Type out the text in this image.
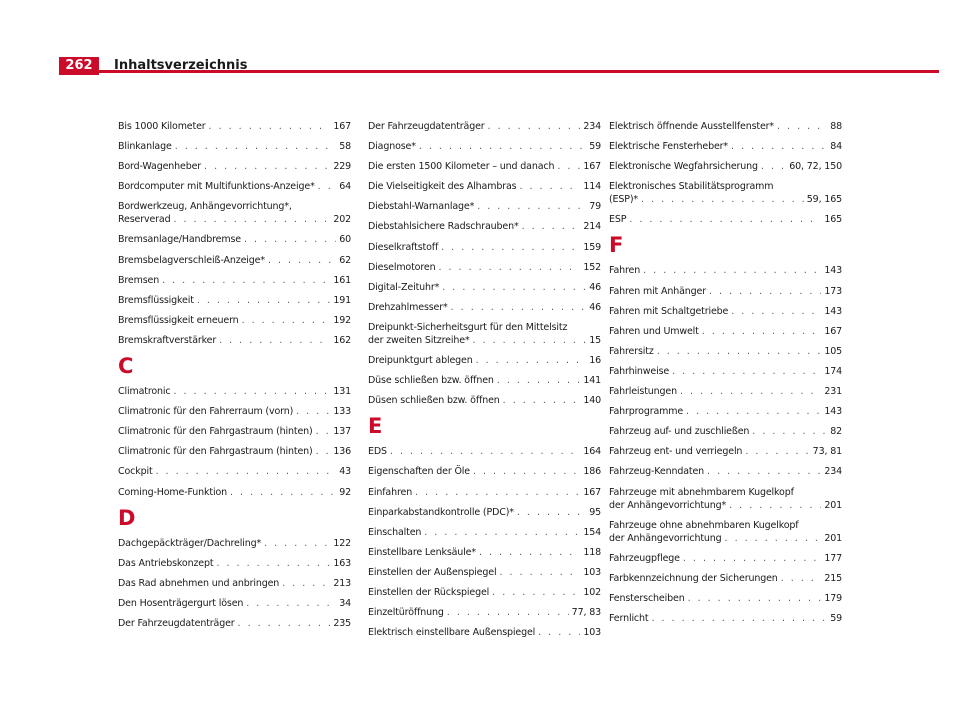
262	Inhaltsverzeichnis
Bis 1000 Kilometer . . .	167
Blinkanlage . . .	58
Bord-Wagenheber . . .	229
Bordcomputer mit Multifunktions-Anzeige* . . .	64
Bordwerkzeug, Anhängevorrichtung*,
Reserverad . . .	202
Bremsanlage/Handbremse . . .	60
Bremsbelagverschleiß-Anzeige* . . .	62
Bremsen . . .	161
Bremsflüssigkeit . . .	191
Bremsflüssigkeit erneuern . . .	192
Bremskraftverstärker . . .	162
C
Climatronic . . .	131
Climatronic für den Fahrerraum (vorn) . . .	133
Climatronic für den Fahrgastraum (hinten) . . . 137
Climatronic für den Fahrgastraum (hinten) . . . 136
Cockpit . . .	43
Coming-Home-Funktion . . .	92
D
Dachgepäckträger/Dachreling* . . .	122
Das Antriebskonzept . . .	163
Das Rad abnehmen und anbringen . . .	213
Den Hosenträgergurt lösen . . .	34
Der Fahrzeugdatenträger . . .	235
Der Fahrzeugdatenträger . . .	234
Diagnose* . . .	59
Die ersten 1500 Kilometer – und danach . . .	167
Die Vielseitigkeit des Alhambras . . .	114
Diebstahl-Warnanlage* . . .	79
Diebstahlsichere Radschrauben* . . .	214
Dieselkraftstoff . . .	159
Dieselmotoren . . .	152
Digital-Zeituhr* . . .	46
Drehzahlmesser* . . .	46
Dreipunkt-Sicherheitsgurt für den Mittelsitz
der zweiten Sitzreihe* . . .	15
Dreipunktgurt ablegen . . .	16
Düse schließen bzw. öffnen . . .	141
Düsen schließen bzw. öffnen . . .	140
E
EDS . . .	164
Eigenschaften der Öle . . .	186
Einfahren . . .	167
Einparkabstandkontrolle (PDC)* . . .	95
Einschalten . . .	154
Einstellbare Lenksäule* . . .	118
Einstellen der Außenspiegel . . .	103
Einstellen der Rückspiegel . . .	102
Einzeltüröffnung . . .	77, 83
Elektrisch einstellbare Außenspiegel . . .	103
Elektrisch öffnende Ausstellfenster* . . .	88
Elektrische Fensterheber* . . .	84
Elektronische Wegfahrsicherung . . .	60, 72, 150
Elektronisches Stabilitätsprogramm
(ESP)* . . .	59, 165
ESP . . .	165
F
Fahren . . .	143
Fahren mit Anhänger . . .	173
Fahren mit Schaltgetriebe . . .	143
Fahren und Umwelt . . .	167
Fahrersitz . . .	105
Fahrhinweise . . .	174
Fahrleistungen . . .	231
Fahrprogramme . . .	143
Fahrzeug auf- und zuschließen . . .	82
Fahrzeug ent- und verriegeln . . .	73, 81
Fahrzeug-Kenndaten . . .	234
Fahrzeuge mit abnehmbarem Kugelkopf
der Anhängevorrichtung* . . .	201
Fahrzeuge ohne abnehmbaren Kugelkopf
der Anhängevorrichtung . . .	201
Fahrzeugpflege . . .	177
Farbkennzeichnung der Sicherungen . . .	215
Fensterscheiben . . .	179
Fernlicht . . .	59
